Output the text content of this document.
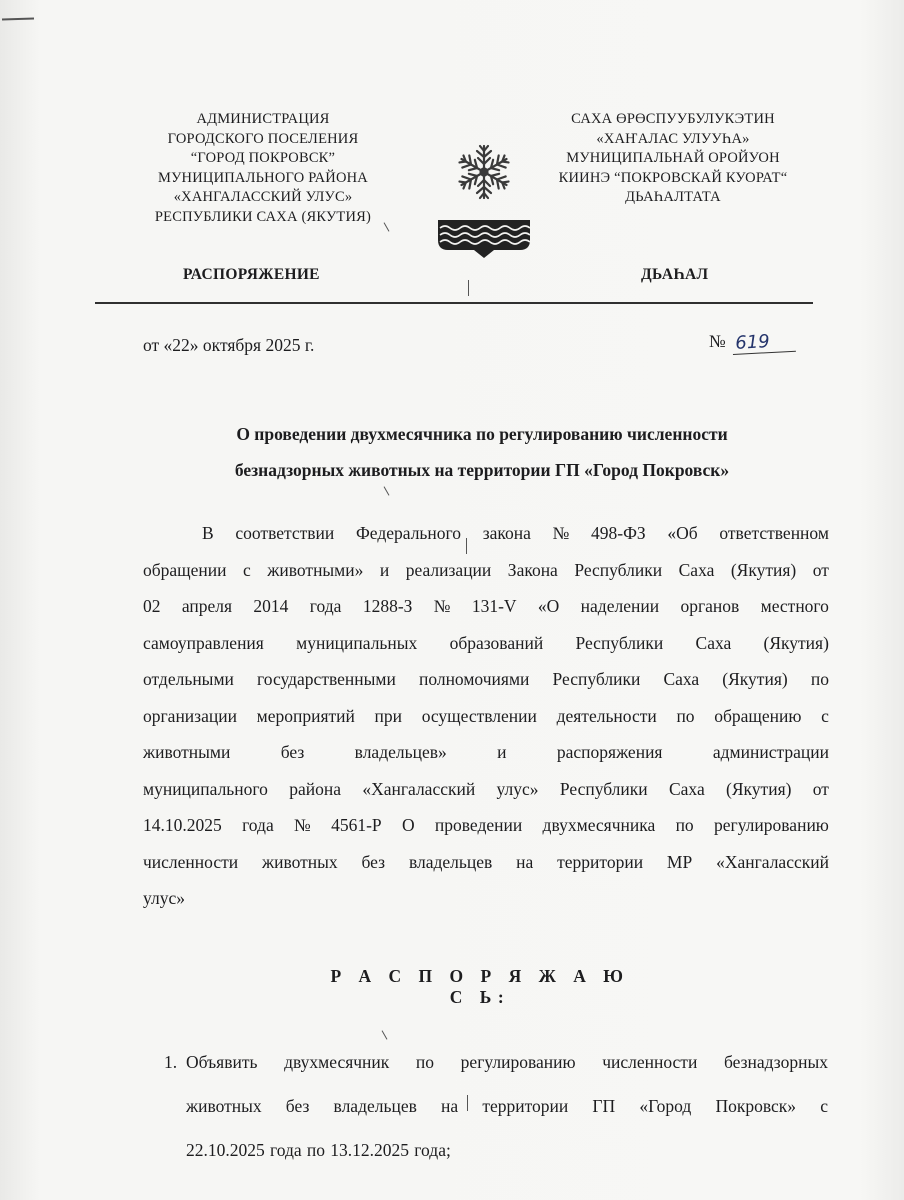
АДМИНИСТРАЦИЯ
ГОРОДСКОГО ПОСЕЛЕНИЯ
“ГОРОД ПОКРОВСК”
МУНИЦИПАЛЬНОГО РАЙОНА
«ХАНГАЛАССКИЙ УЛУС»
РЕСПУБЛИКИ САХА (ЯКУТИЯ)
САХА ӨРӨСПУУБУЛУКЭТИН
«ХАҤАЛАС УЛУУҺА»
МУНИЦИПАЛЬНАЙ ОРОЙУОН
КИИНЭ “ПОКРОВСКАЙ КУОРАТ“
ДЬАҺАЛТАТА
РАСПОРЯЖЕНИЕ	ДЬАҺАЛ
от «22» октября 2025 г.	№ 619
О проведении двухмесячника по регулированию численности
безнадзорных животных на территории ГП «Город Покровск»
В соответствии Федерального закона № 498-ФЗ «Об ответственном
обращении с животными» и реализации Закона Республики Саха (Якутия) от
02 апреля 2014 года 1288-З № 131-V «О наделении органов местного
самоуправления муниципальных образований Республики Саха (Якутия)
отдельными государственными полномочиями Республики Саха (Якутия) по
организации мероприятий при осуществлении деятельности по обращению с
животными	без	владельцев»	и	распоряжения	администрации
муниципального района «Хангаласский улус» Республики Саха (Якутия) от
14.10.2025 года № 4561-Р О проведении двухмесячника по регулированию
численности животных без владельцев на территории МР «Хангаласский
улус»
Р А С П О Р Я Ж А Ю С Ь:
1. Объявить двухмесячник по регулированию численности безнадзорных
животных без владельцев на территории ГП «Город Покровск» с
22.10.2025 года по 13.12.2025 года;
